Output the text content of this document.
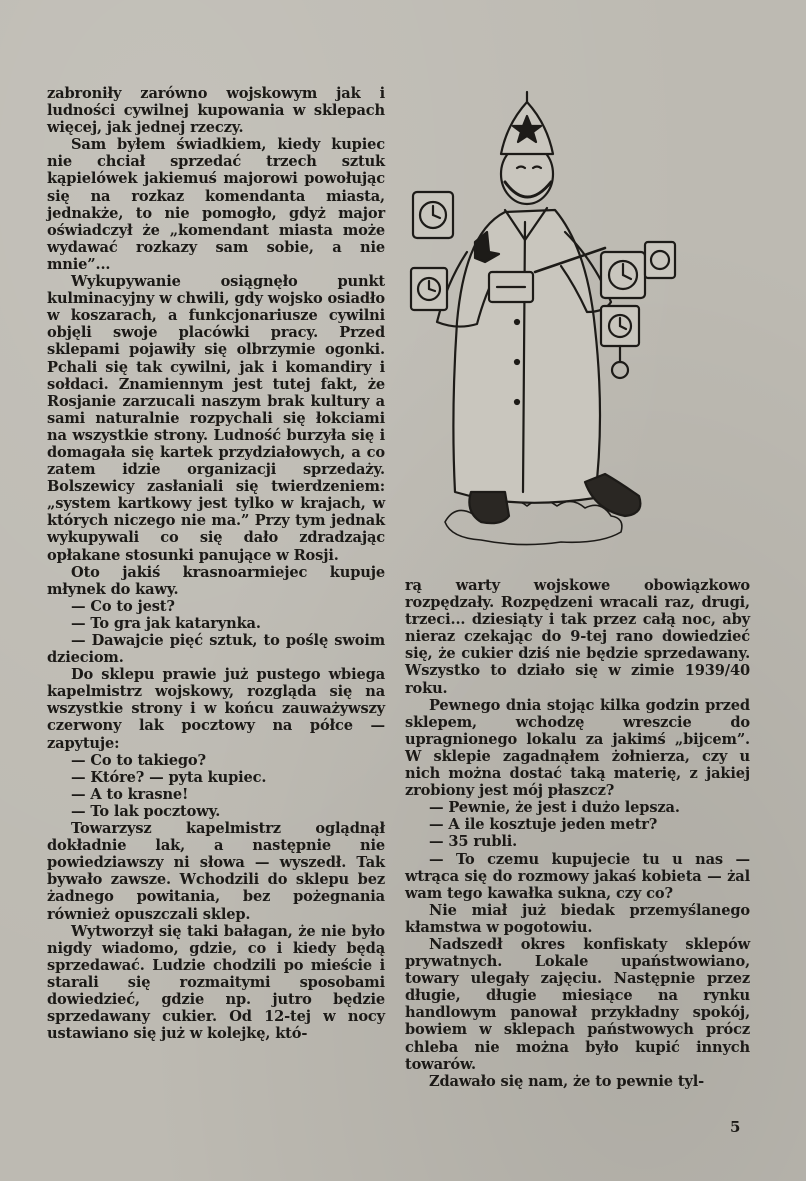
zabroniły zarówno wojskowym jak i ludności cywilnej kupowania w sklepach więcej, jak jednej rzeczy.

Sam byłem świadkiem, kiedy kupiec nie chciał sprzedać trzech sztuk kąpielówek jakiemuś majorowi powołując się na rozkaz komendanta miasta, jednakże, to nie pomogło, gdyż major oświadczył że „komendant miasta może wydawać rozkazy sam sobie, a nie mnie”...

Wykupywanie osiągnęło punkt kulminacyjny w chwili, gdy wojsko osiadło w koszarach, a funkcjonariusze cywilni objęli swoje placówki pracy. Przed sklepami pojawiły się olbrzymie ogonki. Pchali się tak cywilni, jak i komandiry i sołdaci. Znamiennym jest tutej fakt, że Rosjanie zarzucali naszym brak kultury a sami naturalnie rozpychali się łokciami na wszystkie strony. Ludność burzyła się i domagała się kartek przydziałowych, a co zatem idzie organizacji sprzedaży. Bolszewicy zasłaniali się twierdzeniem: „system kartkowy jest tylko w krajach, w których niczego nie ma.” Przy tym jednak wykupywali co się dało zdradzając opłakane stosunki panujące w Rosji.

Oto jakiś krasnoarmiejec kupuje młynek do kawy.

— Co to jest?

— To gra jak katarynka.

— Dawajcie pięć sztuk, to poślę swoim dzieciom.

Do sklepu prawie już pustego wbiega kapelmistrz wojskowy, rozgląda się na wszystkie strony i w końcu zauważywszy czerwony lak pocztowy na półce — zapytuje:

— Co to takiego?

— Które? — pyta kupiec.

— A to krasne!

— To lak pocztowy.

Towarzysz kapelmistrz oglądnął dokładnie lak, a następnie nie powiedziawszy ni słowa — wyszedł. Tak bywało zawsze. Wchodzili do sklepu bez żadnego powitania, bez pożegnania również opuszczali sklep.

Wytworzył się taki bałagan, że nie było nigdy wiadomo, gdzie, co i kiedy będą sprzedawać. Ludzie chodzili po mieście i starali się rozmaitymi sposobami dowiedzieć, gdzie np. jutro będzie sprzedawany cukier. Od 12-tej w nocy ustawiano się już w kolejkę, któ-

rą warty wojskowe obowiązkowo rozpędzały. Rozpędzeni wracali raz, drugi, trzeci... dziesiąty i tak przez całą noc, aby nieraz czekając do 9-tej rano dowiedzieć się, że cukier dziś nie będzie sprzedawany. Wszystko to działo się w zimie 1939/40 roku.

Pewnego dnia stojąc kilka godzin przed sklepem, wchodzę wreszcie do upragnionego lokalu za jakimś „bijcem”. W sklepie zagadnąłem żołnierza, czy u nich można dostać taką materię, z jakiej zrobiony jest mój płaszcz?

— Pewnie, że jest i dużo lepsza.

— A ile kosztuje jeden metr?

— 35 rubli.

— To czemu kupujecie tu u nas — wtrąca się do rozmowy jakaś kobieta — żal wam tego kawałka sukna, czy co?

Nie miał już biedak przemyślanego kłamstwa w pogotowiu.

Nadszedł okres konfiskaty sklepów prywatnych. Lokale upaństwowiano, towary ulegały zajęciu. Następnie przez długie, długie miesiące na rynku handlowym panował przykładny spokój, bowiem w sklepach państwowych prócz chleba nie można było kupić innych towarów.

Zdawało się nam, że to pewnie tyl-

5
